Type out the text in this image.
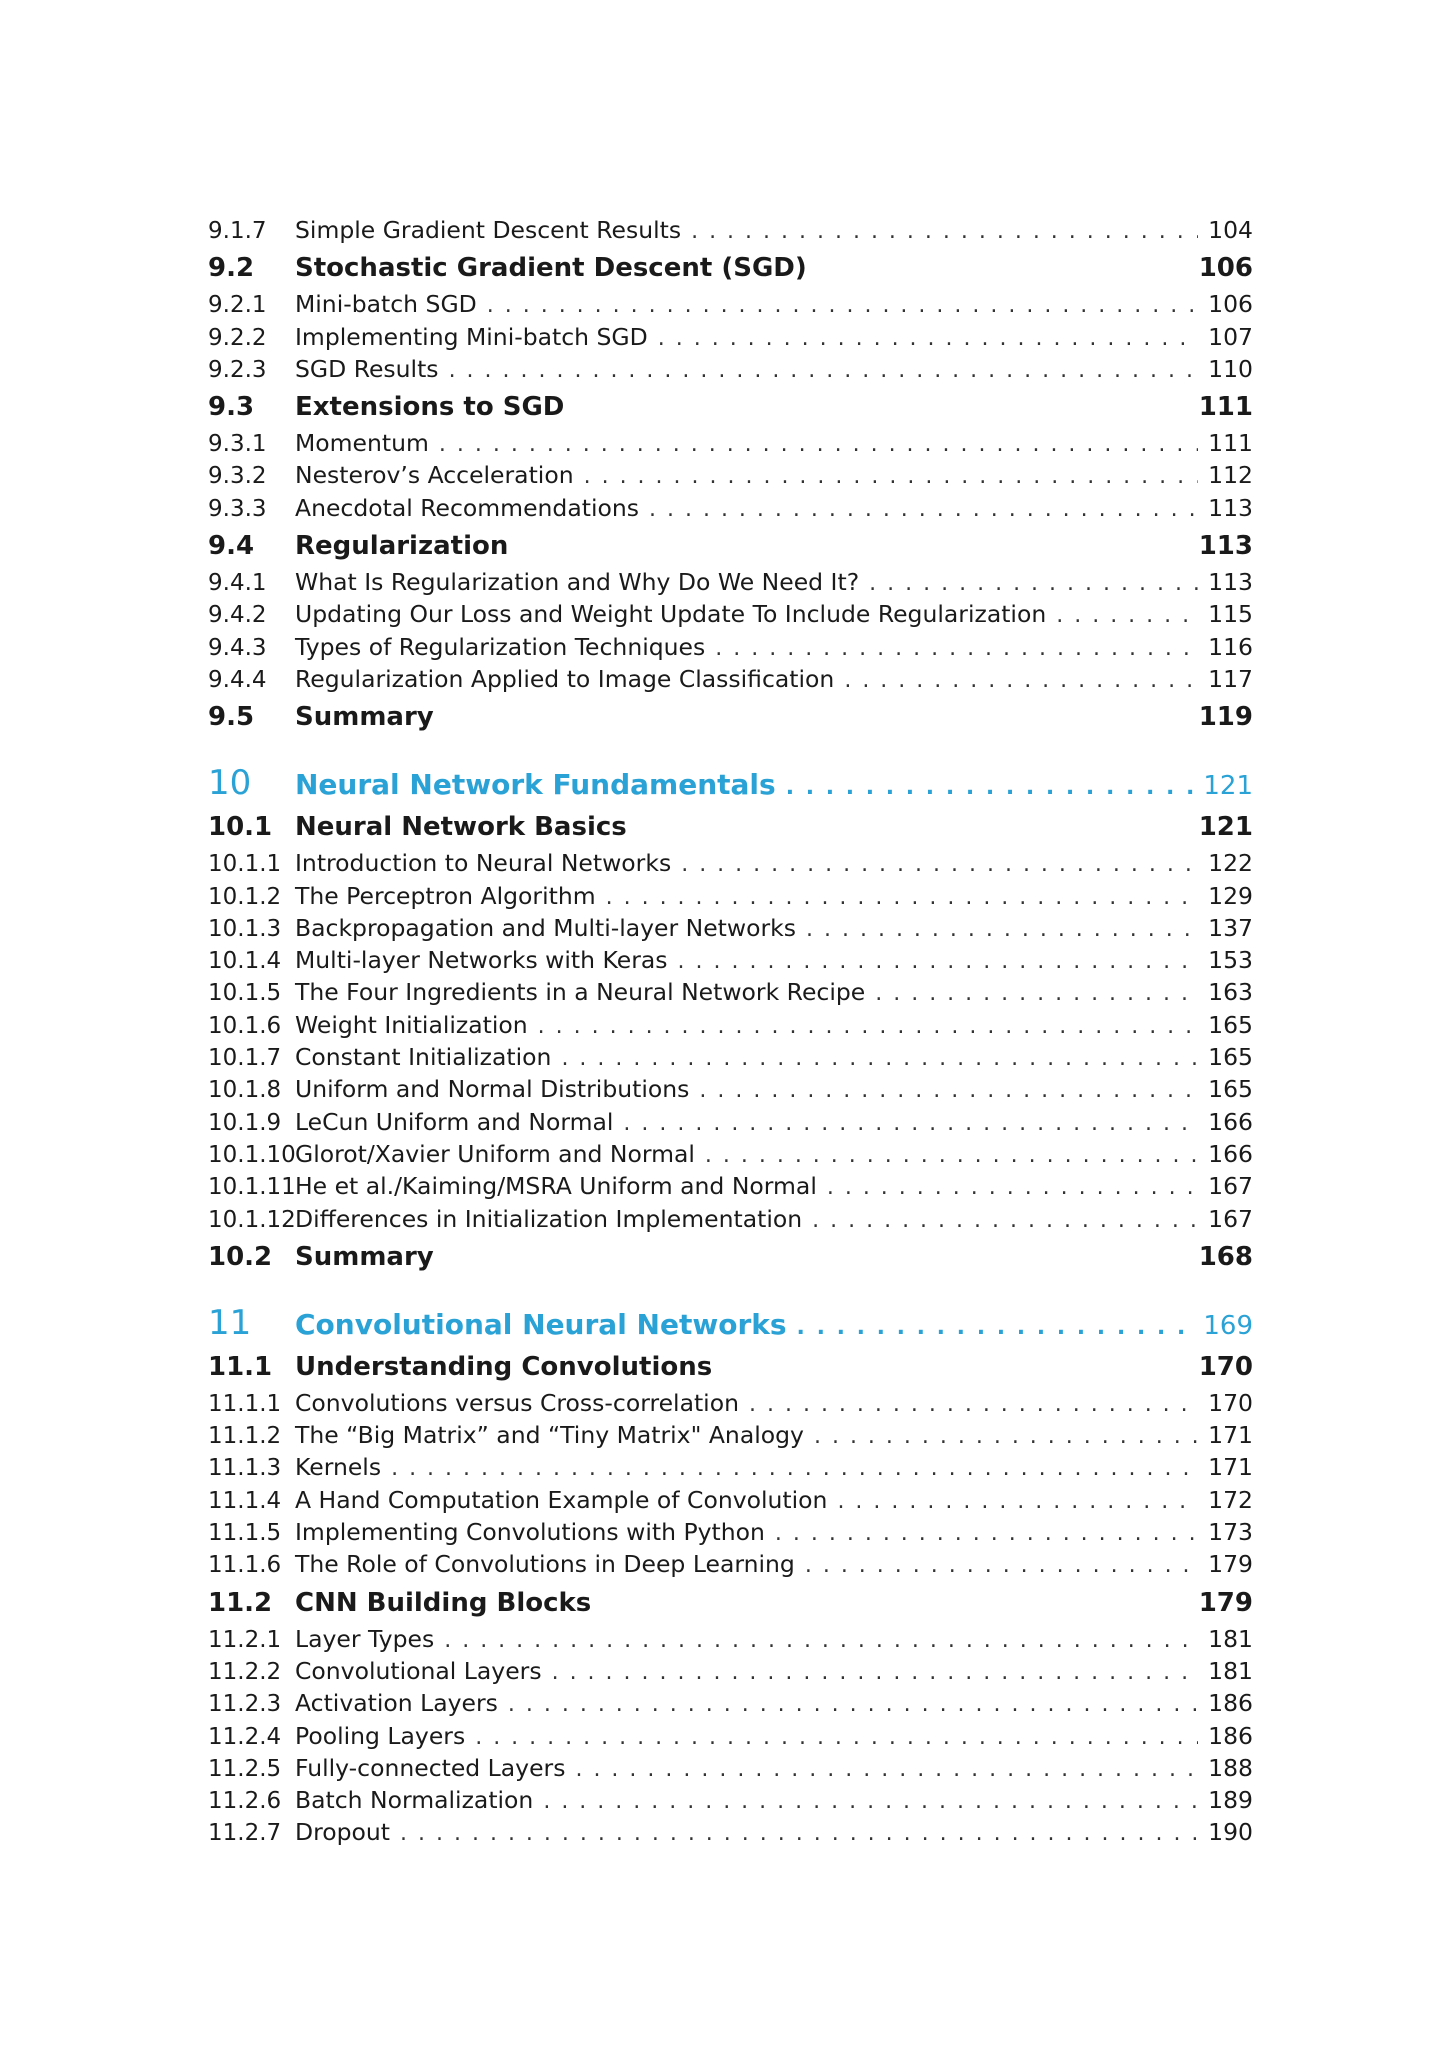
9.1.7	Simple Gradient Descent Results . . .	104
9.2	Stochastic Gradient Descent (SGD)	106
9.2.1	Mini-batch SGD . . .	106
9.2.2	Implementing Mini-batch SGD . . .	107
9.2.3	SGD Results . . .	110
9.3	Extensions to SGD	111
9.3.1	Momentum . . .	111
9.3.2	Nesterov’s Acceleration . . .	112
9.3.3	Anecdotal Recommendations . . .	113
9.4	Regularization	113
9.4.1	What Is Regularization and Why Do We Need It? . . .	113
9.4.2	Updating Our Loss and Weight Update To Include Regularization . . .	115
9.4.3	Types of Regularization Techniques . . .	116
9.4.4	Regularization Applied to Image Classification . . .	117
9.5	Summary	119
10	Neural Network Fundamentals . . .	121
10.1 Neural Network Basics	121
10.1.1 Introduction to Neural Networks . . .	122
10.1.2 The Perceptron Algorithm . . .	129
10.1.3 Backpropagation and Multi-layer Networks . . .	137
10.1.4 Multi-layer Networks with Keras . . .	153
10.1.5 The Four Ingredients in a Neural Network Recipe . . .	163
10.1.6 Weight Initialization . . .	165
10.1.7 Constant Initialization . . .	165
10.1.8 Uniform and Normal Distributions . . .	165
10.1.9 LeCun Uniform and Normal . . .	166
10.1.10 Glorot/Xavier Uniform and Normal . . .	166
10.1.11 He et al./Kaiming/MSRA Uniform and Normal . . .	167
10.1.12 Differences in Initialization Implementation . . .	167
10.2 Summary	168
11	Convolutional Neural Networks . . .	169
11.1 Understanding Convolutions	170
11.1.1 Convolutions versus Cross-correlation . . .	170
11.1.2 The “Big Matrix” and “Tiny Matrix" Analogy . . .	171
11.1.3 Kernels . . .	171
11.1.4 A Hand Computation Example of Convolution . . .	172
11.1.5 Implementing Convolutions with Python . . .	173
11.1.6 The Role of Convolutions in Deep Learning . . .	179
11.2 CNN Building Blocks	179
11.2.1 Layer Types . . .	181
11.2.2 Convolutional Layers . . .	181
11.2.3 Activation Layers . . .	186
11.2.4 Pooling Layers . . .	186
11.2.5 Fully-connected Layers . . .	188
11.2.6 Batch Normalization . . .	189
11.2.7 Dropout . . .	190
